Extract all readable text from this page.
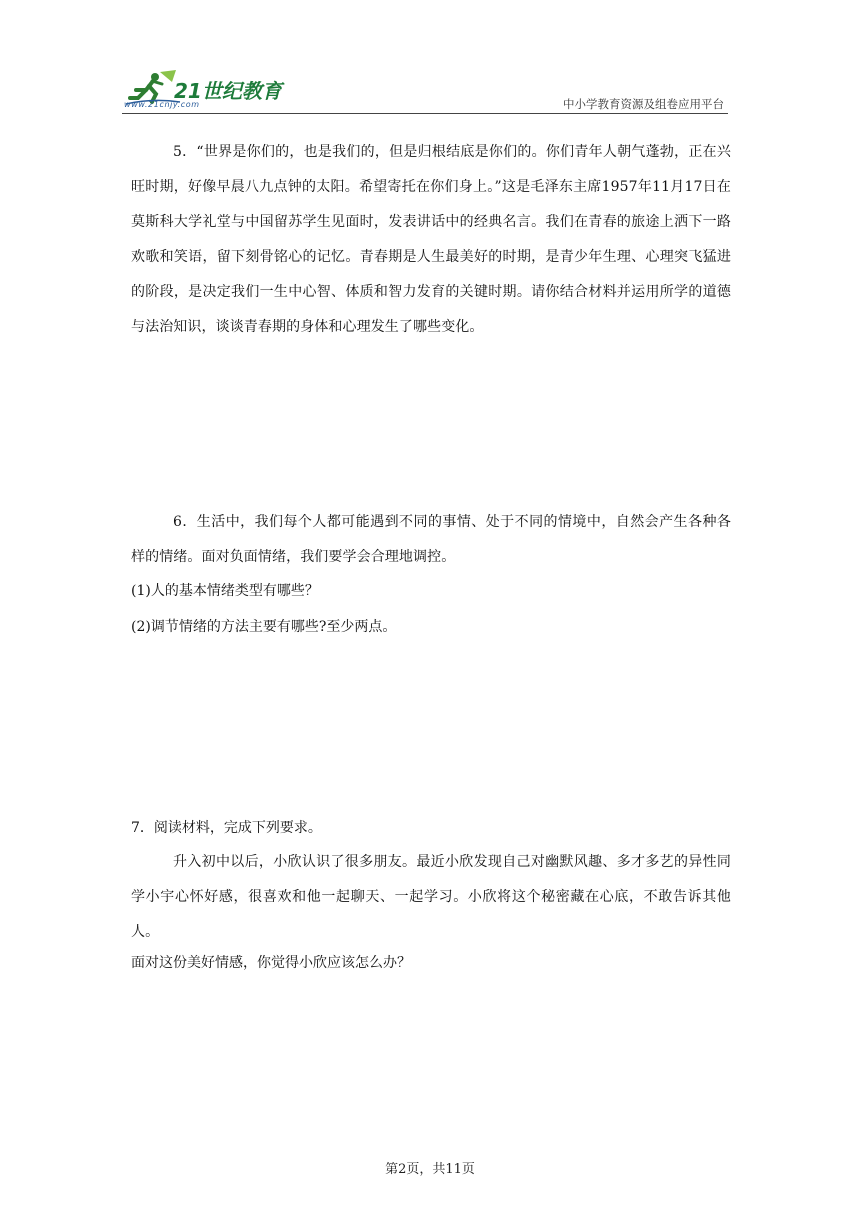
21世纪教育
www.21cnjy.com	中小学教育资源及组卷应用平台

5．“世界是你们的，也是我们的，但是归根结底是你们的。你们青年人朝气蓬勃，正在兴旺时期，好像早晨八九点钟的太阳。希望寄托在你们身上。”这是毛泽东主席1957年11月17日在莫斯科大学礼堂与中国留苏学生见面时，发表讲话中的经典名言。我们在青春的旅途上洒下一路欢歌和笑语，留下刻骨铭心的记忆。青春期是人生最美好的时期，是青少年生理、心理突飞猛进的阶段，是决定我们一生中心智、体质和智力发育的关键时期。请你结合材料并运用所学的道德与法治知识，谈谈青春期的身体和心理发生了哪些变化。

6．生活中，我们每个人都可能遇到不同的事情、处于不同的情境中，自然会产生各种各样的情绪。面对负面情绪，我们要学会合理地调控。

(1)人的基本情绪类型有哪些？

(2)调节情绪的方法主要有哪些?至少两点。

7．阅读材料，完成下列要求。

升入初中以后，小欣认识了很多朋友。最近小欣发现自己对幽默风趣、多才多艺的异性同学小宇心怀好感，很喜欢和他一起聊天、一起学习。小欣将这个秘密藏在心底，不敢告诉其他人。

面对这份美好情感，你觉得小欣应该怎么办？

第2页，共11页
